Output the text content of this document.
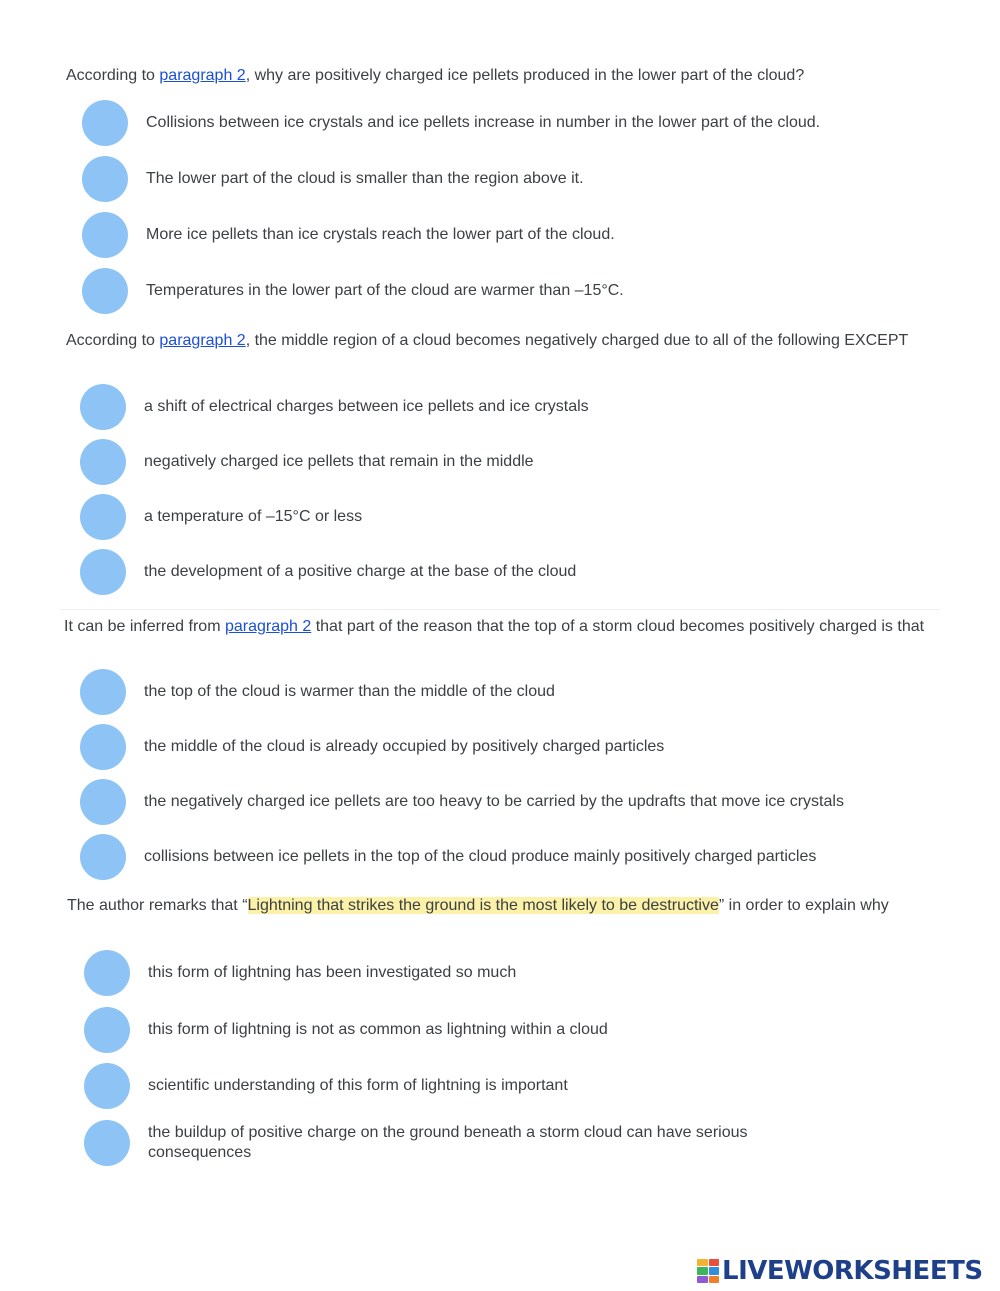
According to paragraph 2, why are positively charged ice pellets produced in the lower part of the cloud?
Collisions between ice crystals and ice pellets increase in number in the lower part of the cloud.
The lower part of the cloud is smaller than the region above it.
More ice pellets than ice crystals reach the lower part of the cloud.
Temperatures in the lower part of the cloud are warmer than –15°C.
According to paragraph 2, the middle region of a cloud becomes negatively charged due to all of the following EXCEPT
a shift of electrical charges between ice pellets and ice crystals
negatively charged ice pellets that remain in the middle
a temperature of –15°C or less
the development of a positive charge at the base of the cloud
It can be inferred from paragraph 2 that part of the reason that the top of a storm cloud becomes positively charged is that
the top of the cloud is warmer than the middle of the cloud
the middle of the cloud is already occupied by positively charged particles
the negatively charged ice pellets are too heavy to be carried by the updrafts that move ice crystals
collisions between ice pellets in the top of the cloud produce mainly positively charged particles
The author remarks that “Lightning that strikes the ground is the most likely to be destructive” in order to explain why
this form of lightning has been investigated so much
this form of lightning is not as common as lightning within a cloud
scientific understanding of this form of lightning is important
the buildup of positive charge on the ground beneath a storm cloud can have serious consequences
LIVEWORKSHEETS
